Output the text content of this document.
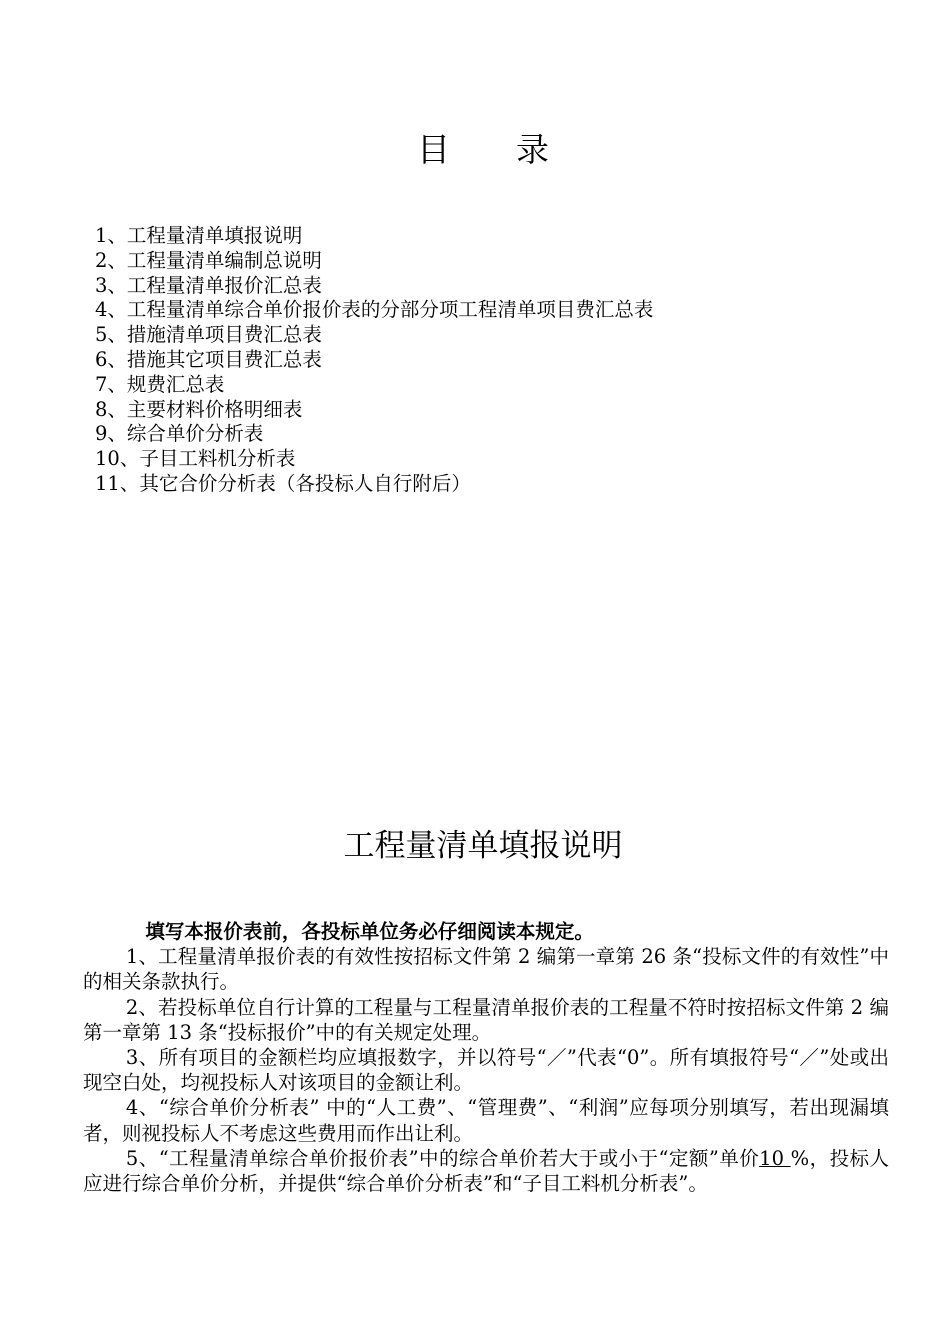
目　　录
1、工程量清单填报说明
2、工程量清单编制总说明
3、工程量清单报价汇总表
4、工程量清单综合单价报价表的分部分项工程清单项目费汇总表
5、措施清单项目费汇总表
6、措施其它项目费汇总表
7、规费汇总表
8、主要材料价格明细表
9、综合单价分析表
10、子目工料机分析表
11、其它合价分析表（各投标人自行附后）
工程量清单填报说明

填写本报价表前，各投标单位务必仔细阅读本规定。

1、工程量清单报价表的有效性按招标文件第 2 编第一章第 26 条“投标文件的有效性”中的相关条款执行。

2、若投标单位自行计算的工程量与工程量清单报价表的工程量不符时按招标文件第 2 编第一章第 13 条“投标报价”中的有关规定处理。

3、所有项目的金额栏均应填报数字，并以符号“／”代表“0”。所有填报符号“／”处或出现空白处，均视投标人对该项目的金额让利。

4、“综合单价分析表” 中的“人工费”、“管理费”、“利润”应每项分别填写，若出现漏填者，则视投标人不考虑这些费用而作出让利。

5、“工程量清单综合单价报价表”中的综合单价若大于或小于“定额”单价10 %，投标人应进行综合单价分析，并提供“综合单价分析表”和“子目工料机分析表”。
